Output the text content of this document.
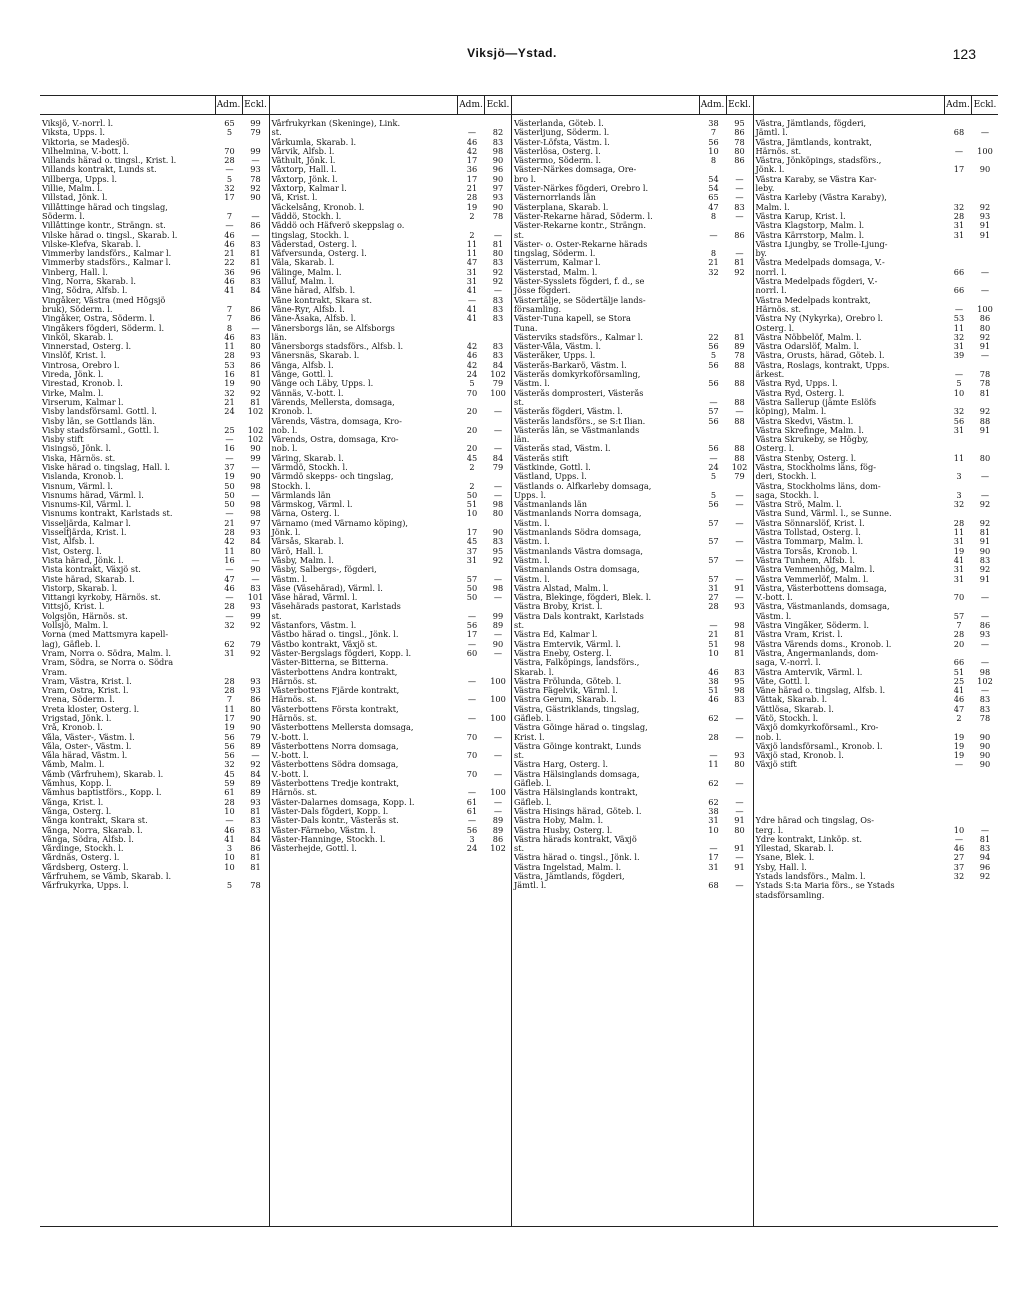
Viksjö—Ystad.	123
Adm. Eckl.
Viksjö, V.-norrl. l.	65	99
Viksta, Upps. l.	5	79
Viktoria, se Madesjö.
Vilhelmina, V.-bott. l.	70	99
Villands härad o. tingsl., Krist. l.	28	—
Villands kontrakt, Lunds st.	—	93
Villberga, Upps. l.	5	78
Villie, Malm. l.	32	92
Villstad, Jönk. l.	17	90
Villåttinge härad och tingslag,
Söderm. l.	7	—
Villåttinge kontr., Strängn. st.	—	86
Vilske härad o. tingsl., Skarab. l.	46	—
Vilske-Klefva, Skarab. l.	46	83
Vimmerby landsförs., Kalmar l.	21	81
Vimmerby stadsförs., Kalmar l.	22	81
Vinberg, Hall. l.	36	96
Ving, Norra, Skarab. l.	46	83
Ving, Södra, Alfsb. l.	41	84
Vingåker, Västra (med Högsjö
bruk), Söderm. l.	7	86
Vingåker, Östra, Söderm. l.	7	86
Vingåkers fögderi, Söderm. l.	8	—
Vinköl, Skarab. l.	46	83
Vinnerstad, Österg. l.	11	80
Vinslöf, Krist. l.	28	93
Vintrosa, Örebro l.	53	86
Vireda, Jönk. l.	16	81
Virestad, Kronob. l.	19	90
Virke, Malm. l.	32	92
Virserum, Kalmar l.	21	81
Visby landsförsaml. Gottl. l.	24	102
Visby län, se Gottlands län.
Visby stadsförsaml., Gottl. l.	25	102
Visby stift	—	102
Visingsö, Jönk. l.	16	90
Viska, Härnös. st.	—	99
Viske härad o. tingslag, Hall. l.	37	—
Vislanda, Kronob. l.	19	90
Visnum, Värml. l.	50	98
Visnums härad, Värml. l.	50	—
Visnums-Kil, Värml. l.	50	98
Visnums kontrakt, Karlstads st.	—	98
Visseljärda, Kalmar l.	21	97
Visselfjärda, Krist. l.	28	93
Vist, Alfsb. l.	42	84
Vist, Österg. l.	11	80
Vista härad, Jönk. l.	16	—
Vista kontrakt, Växjö st.	—	90
Viste härad, Skarab. l.	47	—
Vistorp, Skarab. l.	46	83
Vittangi kyrkoby, Härnös. st.	—	101
Vittsjö, Krist. l.	28	93
Volgsjön, Härnös. st.	—	99
Vollsjö, Malm. l.	32	92
Vorna (med Mattsmyra kapell-
lag), Gäfleb. l.	62	79
Vram, Norra o. Södra, Malm. l.	31	92
Vram, Södra, se Norra o. Södra
Vram.
Vram, Västra, Krist. l.	28	93
Vram, Östra, Krist. l.	28	93
Vrena, Söderm. l.	7	86
Vreta kloster, Österg. l.	11	80
Vrigstad, Jönk. l.	17	90
Vrå, Kronob. l.	19	90
Våla, Väster-, Västm. l.	56	79
Våla, Öster-, Västm. l.	56	89
Våla härad, Västm. l.	56	—
Våmb, Malm. l.	32	92
Våmb (Vårfruhem), Skarab. l.	45	84
Våmhus, Kopp. l.	59	89
Våmhus baptistförs., Kopp. l.	61	89
Vånga, Krist. l.	28	93
Vånga, Österg. l.	10	81
Vånga kontrakt, Skara st.	—	83
Vånga, Norra, Skarab. l.	46	83
Vånga, Södra, Alfsb. l.	41	84
Vårdinge, Stockh. l.	3	86
Vårdnäs, Österg. l.	10	81
Vårdsberg, Österg. l.	10	81
Vårfruhem, se Våmb, Skarab. l.
Vårfrukyrka, Upps. l.	5	78
Adm. Eckl.
Vårfrukyrkan (Skeninge), Link.
st.	—	82
Vårkumla, Skarab. l.	46	83
Vårvik, Alfsb. l.	42	98
Vãthult, Jönk. l.	17	90
Våxtorp, Hall. l.	36	96
Våxtorp, Jönk. l.	17	90
Våxtorp, Kalmar l.	21	97
Vä, Krist. l.	28	93
Väckelsång, Kronob. l.	19	90
Väddö, Stockh. l.	2	78
Väddö och Häfverö skeppslag o.
tingslag, Stockh. l.	2	—
Väderstad, Österg. l.	11	81
Väfversunda, Österg. l.	11	80
Väla, Skarab. l.	47	83
Välinge, Malm. l.	31	92
Välluf, Malm. l.	31	92
Väne härad, Älfsb. l.	41	—
Väne kontrakt, Skara st.	—	83
Väne-Ryr, Älfsb. l.	41	83
Väne-Åsaka, Älfsb. l.	41	83
Vänersborgs län, se Älfsborgs
län.
Vänersborgs stadsförs., Älfsb. l.	42	83
Vänersnäs, Skarab. l.	46	83
Vänga, Älfsb. l.	42	84
Vänge, Gottl. l.	24	102
Vänge och Läby, Upps. l.	5	79
Vännäs, V.-bott. l.	70	100
Värends, Mellersta, domsaga,
Kronob. l.	20	—
Värends, Västra, domsaga, Kro-
nob. l.	20	—
Värends, Östra, domsaga, Kro-
nob. l.	20	—
Väring, Skarab. l.	45	84
Värmdö, Stockh. l.	2	79
Värmdö skepps- och tingslag,
Stockh. l.	2	—
Värmlands län	50	—
Värmskog, Värml. l.	51	98
Värna, Österg. l.	10	80
Värnamo (med Värnamo köping),
Jönk. l.	17	90
Värsås, Skarab. l.	45	83
Värö, Hall. l.	37	95
Väsby, Malm. l.	31	92
Väsby, Salbergs-, fögderi,
Västm. l.	57	—
Väse (Väsehärad), Värml. l.	50	98
Väse härad, Värml. l.	50	—
Väsehärads pastorat, Karlstads
st.	—	99
Västanfors, Västm. l.	56	89
Västbo härad o. tingsl., Jönk. l.	17	—
Västbo kontrakt, Växjö st.	—	90
Väster-Bergslags fögderi, Kopp. l.	60	—
Väster-Bitterna, se Bitterna.
Västerbottens Andra kontrakt,
Härnös. st.	—	100
Västerbottens Fjärde kontrakt,
Härnös. st.	—	100
Västerbottens Första kontrakt,
Härnös. st.	—	100
Västerbottens Mellersta domsaga,
V.-bott. l.	70	—
Västerbottens Norra domsaga,
V.-bott. l.	70	—
Västerbottens Södra domsaga,
V.-bott. l.	70	—
Västerbottens Tredje kontrakt,
Härnös. st.	—	100
Väster-Dalarnes domsaga, Kopp. l.	61	—
Väster-Dals fögderi, Kopp. l.	61	—
Väster-Dals kontr., Västerås st.	—	89
Väster-Färnebo, Västm. l.	56	89
Väster-Hanninge, Stockh. l.	3	86
Västerhejde, Gottl. l.	24	102
Adm. Eckl.
Västerlanda, Göteb. l.	38	95
Västerljung, Söderm. l.	7	86
Väster-Löfsta, Västm. l.	56	78
Västerlösa, Österg. l.	10	80
Västermo, Söderm. l.	8	86
Väster-Närkes domsaga, Öre-
bro l.	54	—
Väster-Närkes fögderi, Örebro l.	54	—
Västernorrlands län	65	—
Västerplana, Skarab. l.	47	83
Väster-Rekarne härad, Söderm. l.	8	—
Väster-Rekarne kontr., Strängn.
st.	—	86
Väster- o. Öster-Rekarne härads
tingslag, Söderm. l.	8	—
Västerrum, Kalmar l.	21	81
Västerstad, Malm. l.	32	92
Väster-Sysslets fögderi, f. d., se
Jösse fögderi.
Västertälje, se Södertälje lands-
församling.
Väster-Tuna kapell, se Stora
Tuna.
Västerviks stadsförs., Kalmar l.	22	81
Väster-Våla, Västm. l.	56	89
Västeråker, Upps. l.	5	78
Västerås-Barkarö, Västm. l.	56	88
Västerås domkyrkoförsamling,
Västm. l.	56	88
Västerås domprosteri, Västerås
st.	—	88
Västerås fögderi, Västm. l.	57	—
Västerås landsförs., se S:t Ilian.	56	88
Västerås län, se Västmanlands
län.
Västerås stad, Västm. l.	56	88
Västerås stift	—	88
Västkinde, Gottl. l.	24	102
Västland, Upps. l.	5	79
Västlands o. Älfkarleby domsaga,
Upps. l.	5	—
Västmanlands län	56	—
Västmanlands Norra domsaga,
Västm. l.	57	—
Västmanlands Södra domsaga,
Västm. l.	57	—
Västmanlands Västra domsaga,
Västm. l.	57	—
Västmanlands Östra domsaga,
Västm. l.	57	—
Västra Alstad, Malm. l.	31	91
Västra, Blekinge, fögderi, Blek. l.	27	—
Västra Broby, Krist. l.	28	93
Västra Dals kontrakt, Karlstads
st.	—	98
Västra Ed, Kalmar l.	21	81
Västra Emtervik, Värml. l.	51	98
Västra Eneby, Österg. l.	10	81
Västra, Falköpings, landsförs.,
Skarab. l.	46	83
Västra Frölunda, Göteb. l.	38	95
Västra Fägelvik, Värml. l.	51	98
Västra Gerum, Skarab. l.	46	83
Västra, Gästriklands, tingslag,
Gäfleb. l.	62	—
Västra Göinge härad o. tingslag,
Krist. l.	28	—
Västra Göinge kontrakt, Lunds
st.	—	93
Västra Harg, Österg. l.	11	80
Västra Hälsinglands domsaga,
Gäfleb. l.	62	—
Västra Hälsinglands kontrakt,
Gäfleb. l.	62	—
Västra Hisings härad, Göteb. l.	38	—
Västra Hoby, Malm. l.	31	91
Västra Husby, Österg. l.	10	80
Västra härads kontrakt, Växjö
st.	—	91
Västra härad o. tingsl., Jönk. l.	17	—
Västra Ingelstad, Malm. l.	31	91
Västra, Jämtlands, fögderi,
Jämtl. l.	68	—
Adm. Eckl.
Västra, Jämtlands, fögderi,
Jämtl. l.	68	—
Västra, Jämtlands, kontrakt,
Härnös. st.	—	100
Västra, Jönköpings, stadsförs.,
Jönk. l.	17	90
Västra Karaby, se Västra Kar-
leby.
Västra Karleby (Västra Karaby),
Malm. l.	32	92
Västra Karup, Krist. l.	28	93
Västra Klagstorp, Malm. l.	31	91
Västra Kärrstorp, Malm. l.	31	91
Västra Ljungby, se Trolle-Ljung-
by.
Västra Medelpads domsaga, V.-
norrl. l.	66	—
Västra Medelpads fögderi, V.-
norrl. l.	66	—
Västra Medelpads kontrakt,
Härnös. st.	—	100
Västra Ny (Nykyrka), Örebro l.	53	86
Österg. l.	11	80
Västra Nöbbelöf, Malm. l.	32	92
Västra Odarslöf, Malm. l.	31	91
Västra, Orusts, härad, Göteb. l.	39	—
Västra, Roslags, kontrakt, Upps.
ärkest.	—	78
Västra Ryd, Upps. l.	5	78
Västra Ryd, Österg. l.	10	81
Västra Sallerup (jämte Eslöfs
köping), Malm. l.	32	92
Västra Skedvi, Västm. l.	56	88
Västra Skrefinge, Malm. l.	31	91
Västra Skrukeby, se Högby,
Österg. l.
Västra Stenby, Österg. l.	11	80
Västra, Stockholms läns, fög-
deri, Stockh. l.	3	—
Västra, Stockholms läns, dom-
saga, Stockh. l.	3	—
Västra Strö, Malm. l.	32	92
Västra Sund, Värml. l., se Sunne.
Västra Sönnarslöf, Krist. l.	28	92
Västra Tollstad, Österg. l.	11	81
Västra Tommarp, Malm. l.	31	91
Västra Torsås, Kronob. l.	19	90
Västra Tunhem, Älfsb. l.	41	83
Västra Vemmenhög, Malm. l.	31	92
Västra Vemmerlöf, Malm. l.	31	91
Västra, Västerbottens domsaga,
V.-bott. l.	70	—
Västra, Västmanlands, domsaga,
Västm. l.	57	—
Västra Vingåker, Söderm. l.	7	86
Västra Vram, Krist. l.	28	93
Västra Värends doms., Kronob. l.	20	—
Västra, Ångermanlands, dom-
saga, V.-norrl. l.	66	—
Västra Ämtervik, Värml. l.	51	98
Väte, Gottl. l.	25	102
Väne härad o. tingslag, Älfsb. l.	41	—
Vättak, Skarab. l.	46	83
Vättlösa, Skarab. l.	47	83
Vätö, Stockh. l.	2	78
Växjö domkyrkoförsaml., Kro-
nob. l.	19	90
Växjö landsförsaml., Kronob. l.	19	90
Växjö stad, Kronob. l.	19	90
Växjö stift	—	90
Ydre härad och tingslag, Ös-
terg. l.	10	—
Ydre kontrakt, Linköp. st.	—	81
Yllestad, Skarab. l.	46	83
Ysane, Blek. l.	27	94
Ysby, Hall. l.	37	96
Ystads landsförs., Malm. l.	32	92
Ystads S:ta Maria förs., se Ystads
stadsförsamling.
